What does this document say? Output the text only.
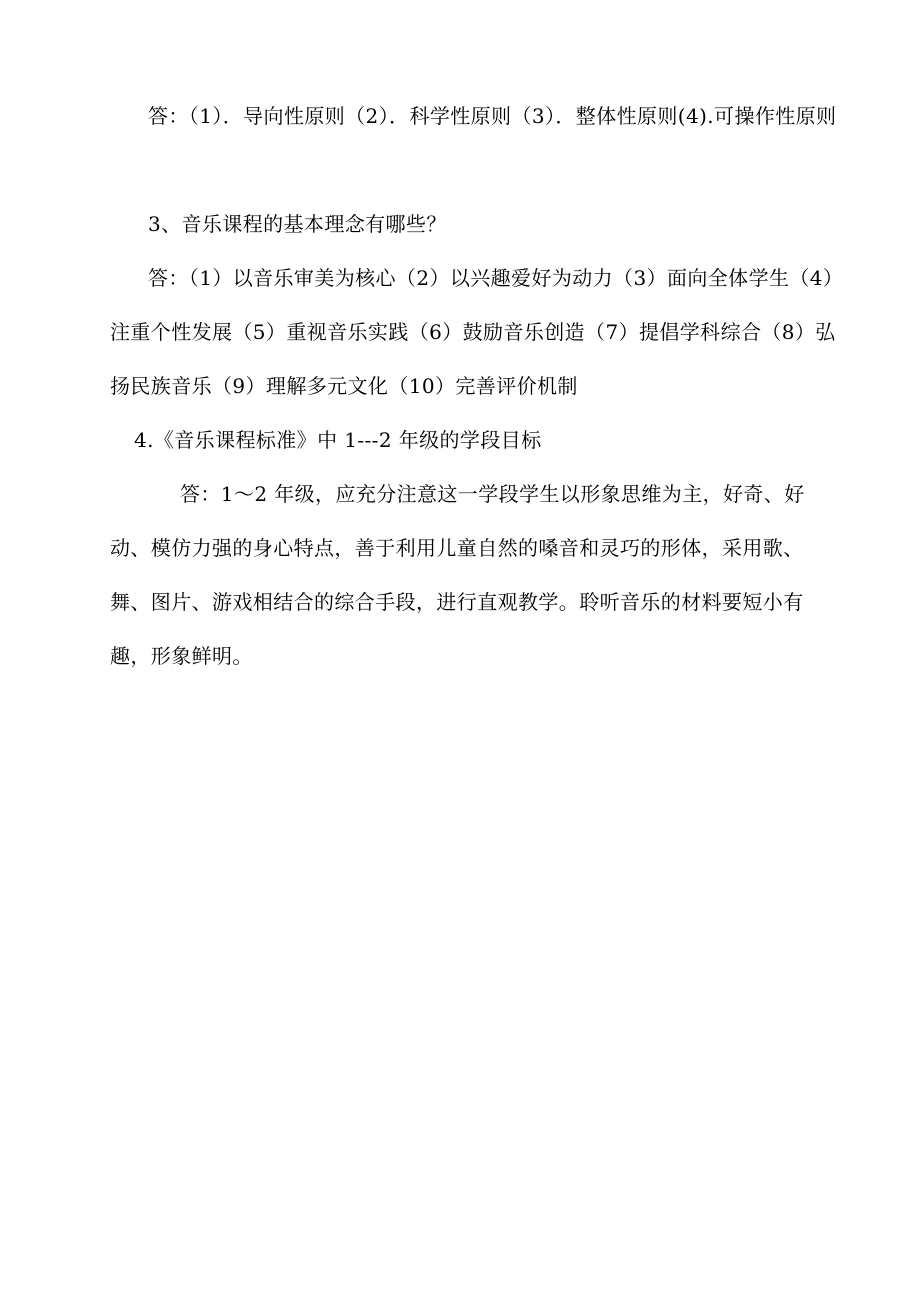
答：（1）．导向性原则（2）．科学性原则（3）．整体性原则(4).可操作性原则

3、音乐课程的基本理念有哪些？

答：（1）以音乐审美为核心（2）以兴趣爱好为动力（3）面向全体学生（4）注重个性发展（5）重视音乐实践（6）鼓励音乐创造（7）提倡学科综合（8）弘扬民族音乐（9）理解多元文化（10）完善评价机制

4.《音乐课程标准》中 1---2 年级的学段目标

答：1～2 年级，应充分注意这一学段学生以形象思维为主，好奇、好动、模仿力强的身心特点，善于利用儿童自然的嗓音和灵巧的形体，采用歌、舞、图片、游戏相结合的综合手段，进行直观教学。聆听音乐的材料要短小有趣，形象鲜明。
